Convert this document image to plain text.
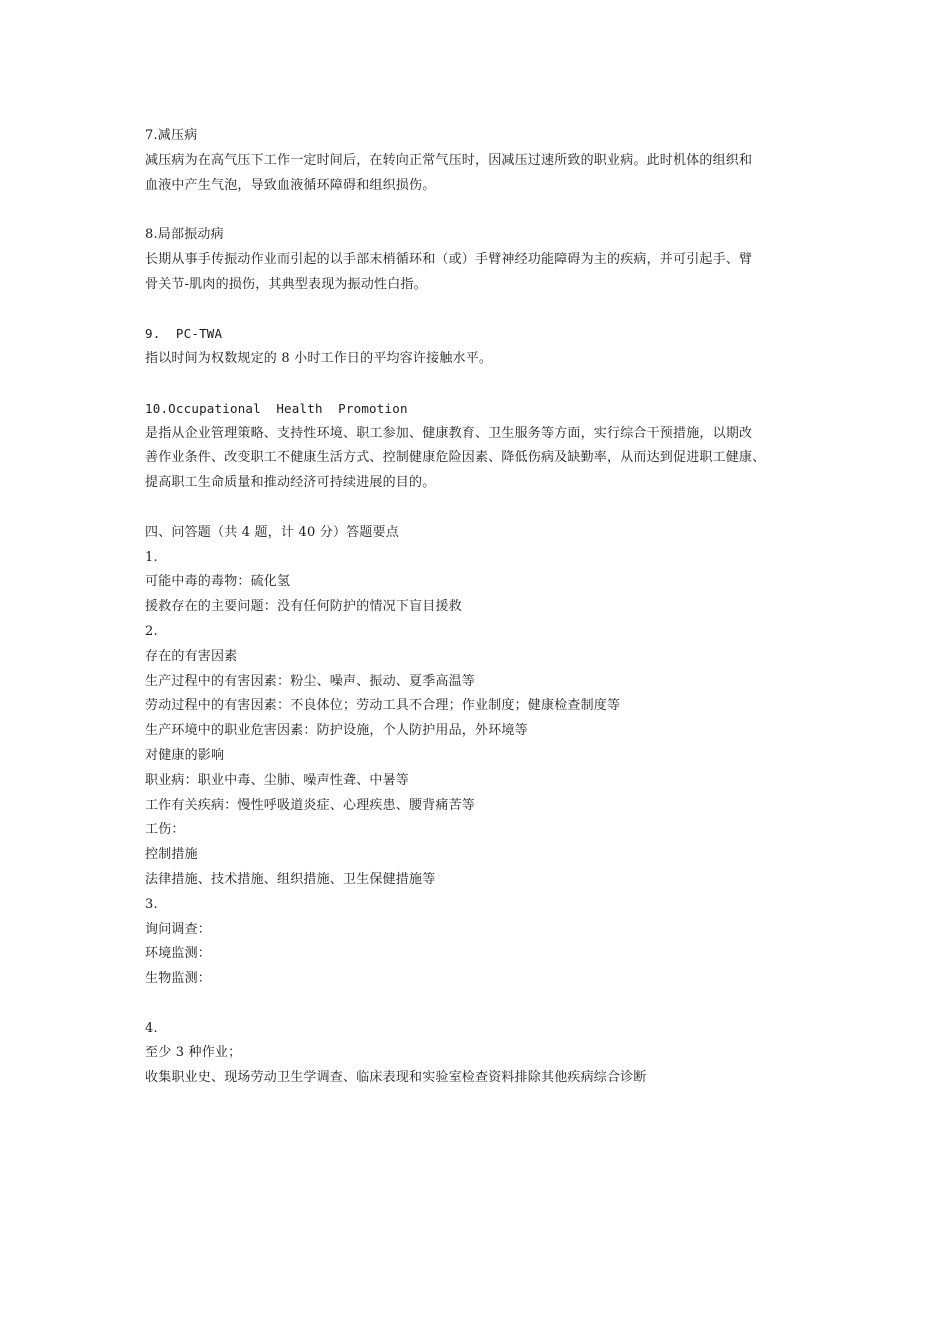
7.减压病
减压病为在高气压下工作一定时间后，在转向正常气压时，因减压过速所致的职业病。此时机体的组织和
血液中产生气泡，导致血液循环障碍和组织损伤。
8.局部振动病
长期从事手传振动作业而引起的以手部末梢循环和（或）手臂神经功能障碍为主的疾病，并可引起手、臂
骨关节-肌肉的损伤，其典型表现为振动性白指。
9.  PC-TWA
指以时间为权数规定的 8 小时工作日的平均容许接触水平。
10.Occupational  Health  Promotion
是指从企业管理策略、支持性环境、职工参加、健康教育、卫生服务等方面，实行综合干预措施，以期改
善作业条件、改变职工不健康生活方式、控制健康危险因素、降低伤病及缺勤率，从而达到促进职工健康、
提高职工生命质量和推动经济可持续进展的目的。
四、问答题（共 4 题，计 40 分）答题要点
1.
可能中毒的毒物：硫化氢
援救存在的主要问题：没有任何防护的情况下盲目援救
2.
存在的有害因素
生产过程中的有害因素：粉尘、噪声、振动、夏季高温等
劳动过程中的有害因素：不良体位；劳动工具不合理；作业制度；健康检查制度等
生产环境中的职业危害因素：防护设施，个人防护用品，外环境等
对健康的影响
职业病：职业中毒、尘肺、噪声性聋、中暑等
工作有关疾病：慢性呼吸道炎症、心理疾患、腰背痛苦等
工伤：
控制措施
法律措施、技术措施、组织措施、卫生保健措施等
3.
询问调查：
环境监测：
生物监测：
4.
至少 3 种作业；
收集职业史、现场劳动卫生学调查、临床表现和实验室检查资料排除其他疾病综合诊断
